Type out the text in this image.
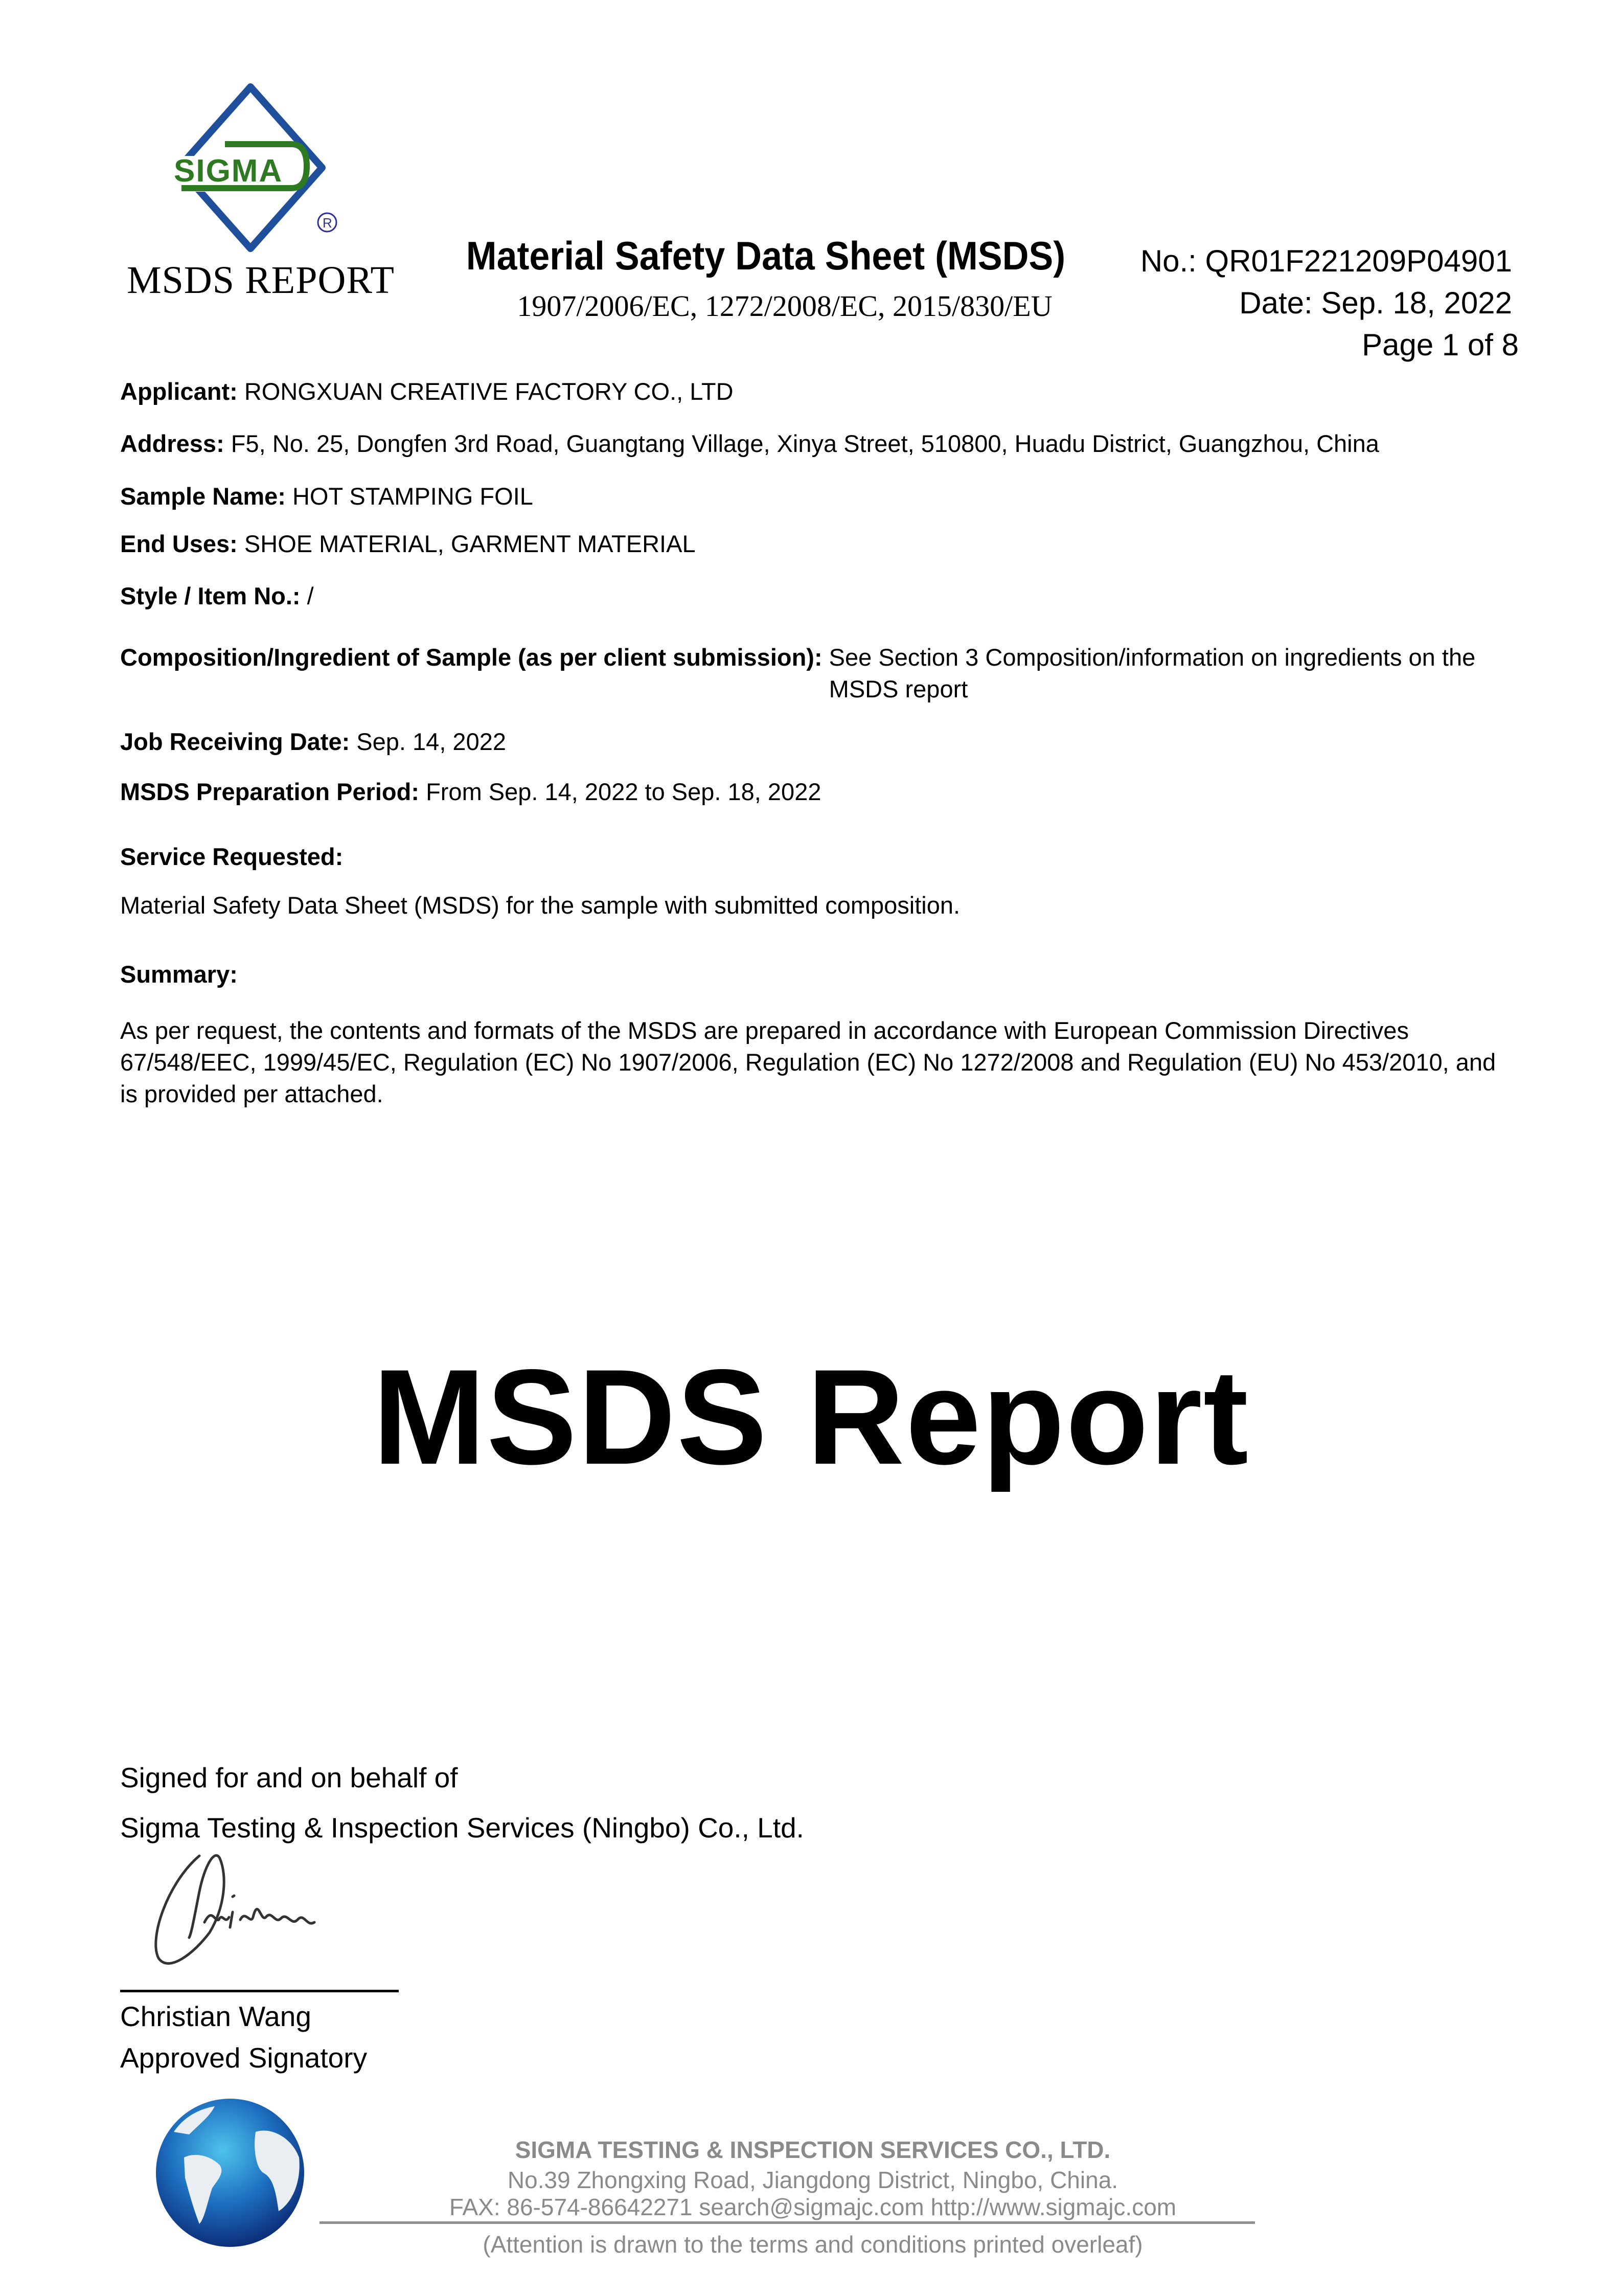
SIGMA
R
MSDS REPORT
Material Safety Data Sheet (MSDS)
1907/2006/EC, 1272/2008/EC, 2015/830/EU
No.: QR01F221209P04901
Date: Sep. 18, 2022
Page 1 of 8
Applicant: RONGXUAN CREATIVE FACTORY CO., LTD
Address: F5, No. 25, Dongfen 3rd Road, Guangtang Village, Xinya Street, 510800, Huadu District, Guangzhou, China
Sample Name: HOT STAMPING FOIL
End Uses: SHOE MATERIAL, GARMENT MATERIAL
Style / Item No.: /
Composition/Ingredient of Sample (as per client submission): See Section 3 Composition/information on ingredients on the MSDS report
Job Receiving Date: Sep. 14, 2022
MSDS Preparation Period: From Sep. 14, 2022 to Sep. 18, 2022
Service Requested:
Material Safety Data Sheet (MSDS) for the sample with submitted composition.
Summary:
As per request, the contents and formats of the MSDS are prepared in accordance with European Commission Directives 67/548/EEC, 1999/45/EC, Regulation (EC) No 1907/2006, Regulation (EC) No 1272/2008 and Regulation (EU) No 453/2010, and is provided per attached.
MSDS Report
Signed for and on behalf of
Sigma Testing & Inspection Services (Ningbo) Co., Ltd.
Christian Wang
Approved Signatory
SIGMA TESTING & INSPECTION SERVICES CO., LTD.
No.39 Zhongxing Road, Jiangdong District, Ningbo, China.
FAX: 86-574-86642271 search@sigmajc.com http://www.sigmajc.com
(Attention is drawn to the terms and conditions printed overleaf)
